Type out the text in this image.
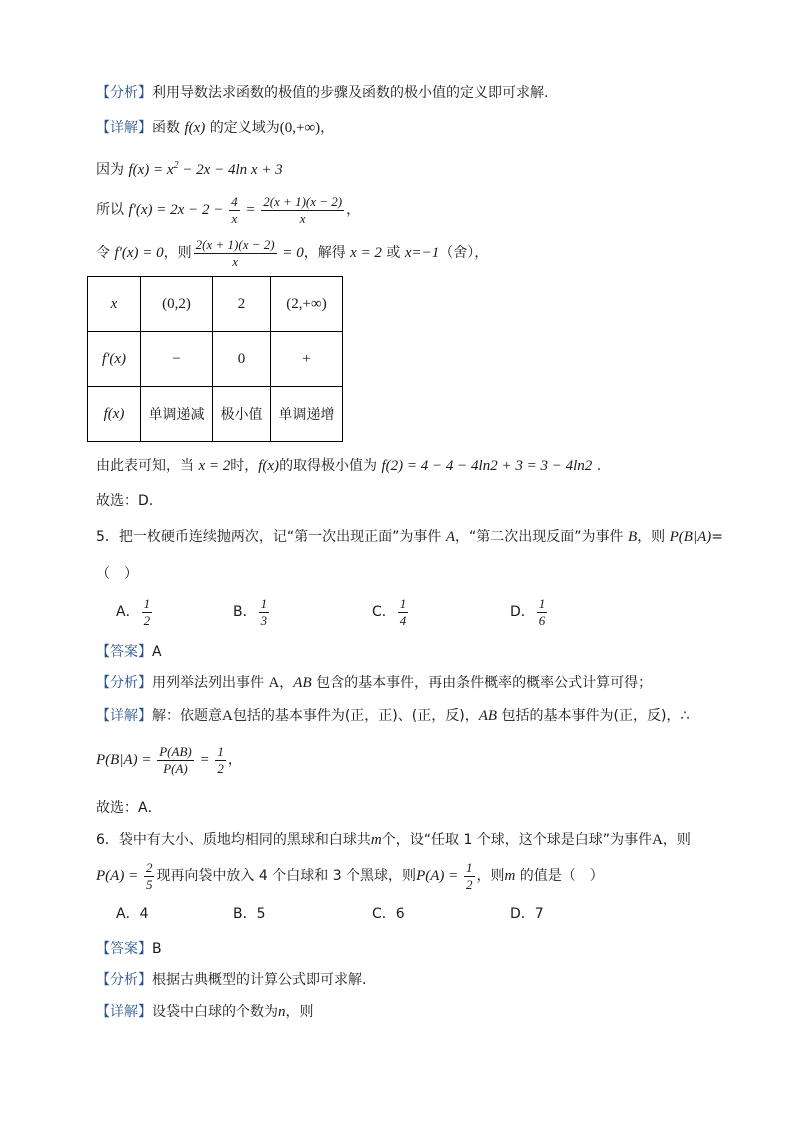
【分析】利用导数法求函数的极值的步骤及函数的极小值的定义即可求解.
【详解】函数 f(x) 的定义域为(0,+∞)，
因为 $f(x) = x^2 - 2x - 4\ln$ x + 3
所以 $f'(x) = 2x - 2 - \frac{4}{x} = \frac{2(x + 1)(x - 2)}{x}$ ，
令 f′(x) = 0，则 $\frac{2(x + 1)(x - 2)}{x} = 0$，解得 x = 2 或 x=−1（舍），
x	(0,2)	2	(2,+∞)
f′(x)	−	0	+
f(x)	单调递减	极小值	单调递增
由此表可知，当 x = 2时，f(x)的取得极小值为 f(2) = 4 − 4 − 4ln2 + 3 = 3 − 4ln2 .
故选：D.
5．把一枚硬币连续抛两次，记“第一次出现正面”为事件 A，“第二次出现反面”为事件 B，则 P(B|A)=
（　）
A． $\frac{1}{2}$	B． $\frac{1}{3}$	C． $\frac{1}{4}$	D． $\frac{1}{6}$
【答案】A
【分析】用列举法列出事件 A，AB 包含的基本事件，再由条件概率的概率公式计算可得；
【详解】解：依题意A包括的基本事件为(正，正)、(正，反)，AB 包括的基本事件为(正，反)，∴
$P(B|A) = \frac{P(AB)}{P(A)} = \frac{1}{2}$ ，
故选：A．
6．袋中有大小、质地均相同的黑球和白球共m个，设“任取 1 个球，这个球是白球”为事件A，则
$P(A) = \frac{2}{5}$ 现再向袋中放入 4 个白球和 3 个黑球，则$P(A) = \frac{1}{2}$ ，则m 的值是（　）
A．4	B．5	C．6	D．7
【答案】B
【分析】根据古典概型的计算公式即可求解.
【详解】设袋中白球的个数为n，则
